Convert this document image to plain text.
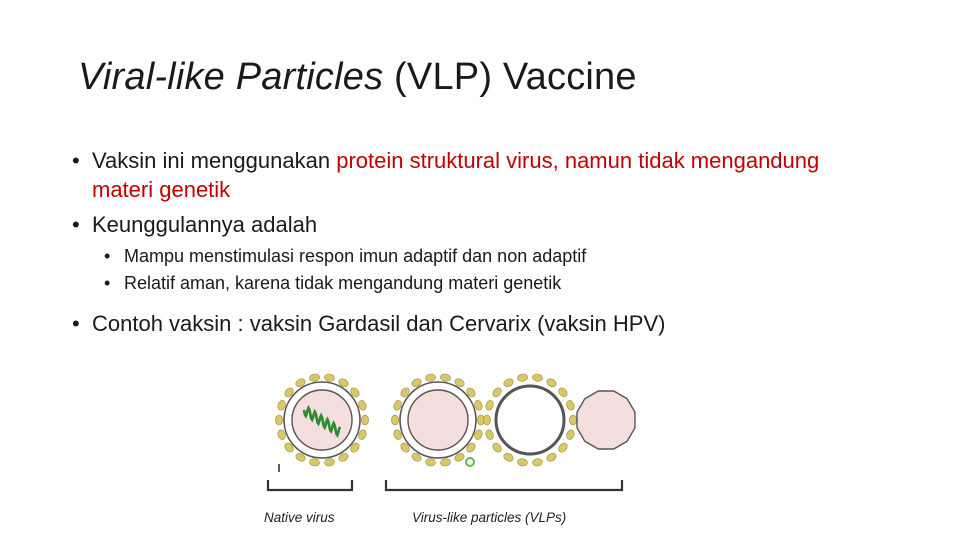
Viral-like Particles (VLP) Vaccine
• Vaksin ini menggunakan protein struktural virus, namun tidak mengandung materi genetik
• Keunggulannya adalah
• Mampu menstimulasi respon imun adaptif dan non adaptif
• Relatif aman, karena tidak mengandung materi genetik
• Contoh vaksin : vaksin Gardasil dan Cervarix (vaksin HPV)
Native virus	Virus-like particles (VLPs)
